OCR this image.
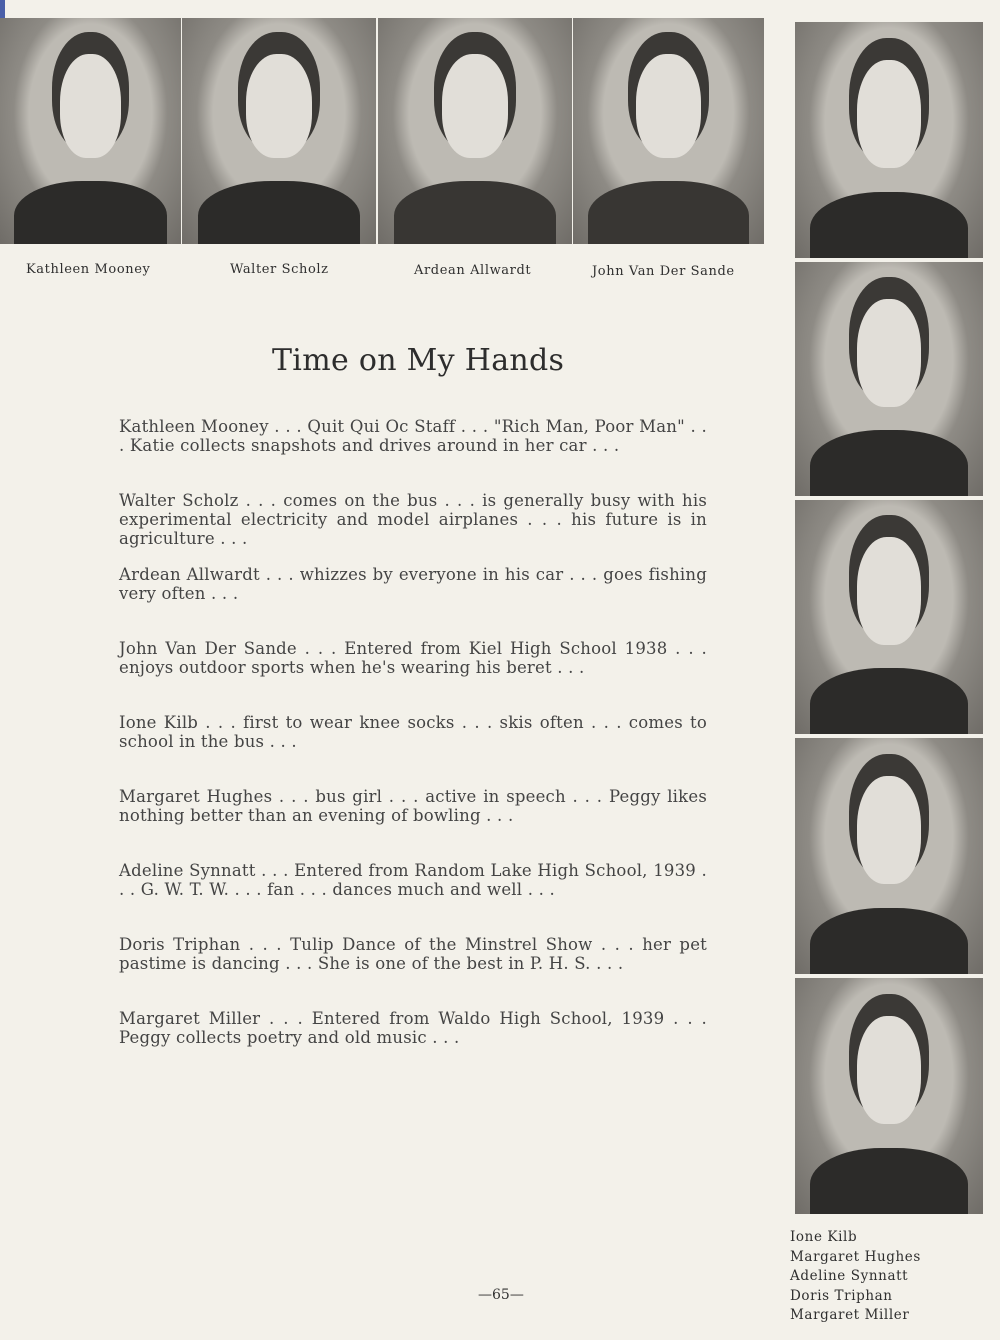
Kathleen Mooney	Walter Scholz	Ardean Allwardt	John Van Der Sande
Time on My Hands

Kathleen Mooney . . . Quit Qui Oc Staff . . . "Rich Man, Poor Man" . . . Katie collects snapshots and drives around in her car . . .

Walter Scholz . . . comes on the bus . . . is generally busy with his experimental electricity and model airplanes . . . his future is in agriculture . . .

Ardean Allwardt . . . whizzes by everyone in his car . . . goes fishing very often . . .

John Van Der Sande . . . Entered from Kiel High School 1938 . . . enjoys outdoor sports when he's wearing his beret . . .

Ione Kilb . . . first to wear knee socks . . . skis often . . . comes to school in the bus . . .

Margaret Hughes . . . bus girl . . . active in speech . . . Peggy likes nothing better than an evening of bowling . . .

Adeline Synnatt . . . Entered from Random Lake High School, 1939 . . . G. W. T. W. . . . fan . . . dances much and well . . .

Doris Triphan . . . Tulip Dance of the Minstrel Show . . . her pet pastime is dancing . . . She is one of the best in P. H. S. . . .

Margaret Miller . . . Entered from Waldo High School, 1939 . . . Peggy collects poetry and old music . . .

Ione Kilb
Margaret Hughes
Adeline Synnatt
Doris Triphan
Margaret Miller
—65—
